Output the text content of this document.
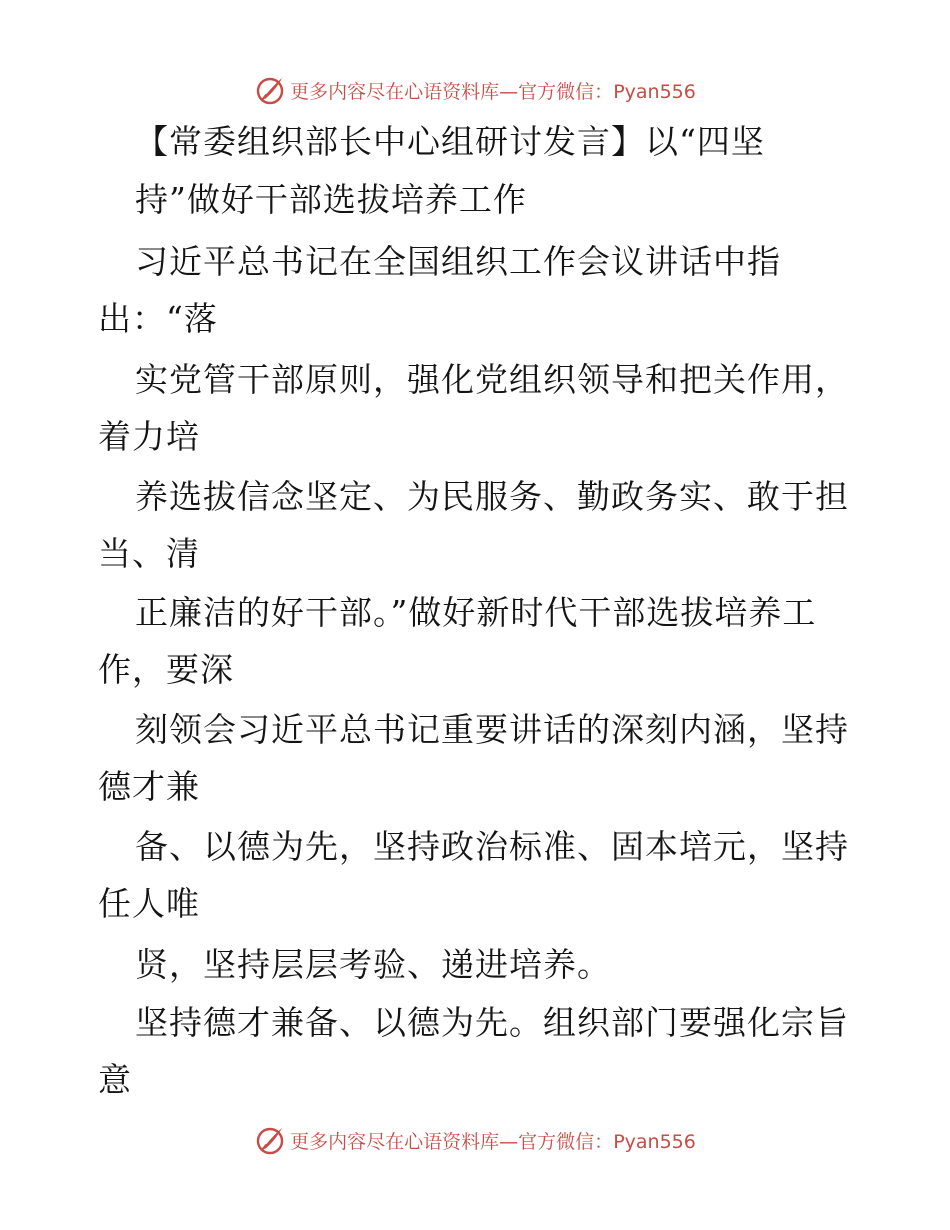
更多内容尽在心语资料库—官方微信：Pyan556
【常委组织部长中心组研讨发言】以“四坚
持”做好干部选拔培养工作
习近平总书记在全国组织工作会议讲话中指
出：“落
实党管干部原则，强化党组织领导和把关作用，
着力培
养选拔信念坚定、为民服务、勤政务实、敢于担
当、清
正廉洁的好干部。”做好新时代干部选拔培养工
作，要深
刻领会习近平总书记重要讲话的深刻内涵，坚持
德才兼
备、以德为先，坚持政治标准、固本培元，坚持
任人唯
贤，坚持层层考验、递进培养。
坚持德才兼备、以德为先。组织部门要强化宗旨
意
更多内容尽在心语资料库—官方微信：Pyan556
